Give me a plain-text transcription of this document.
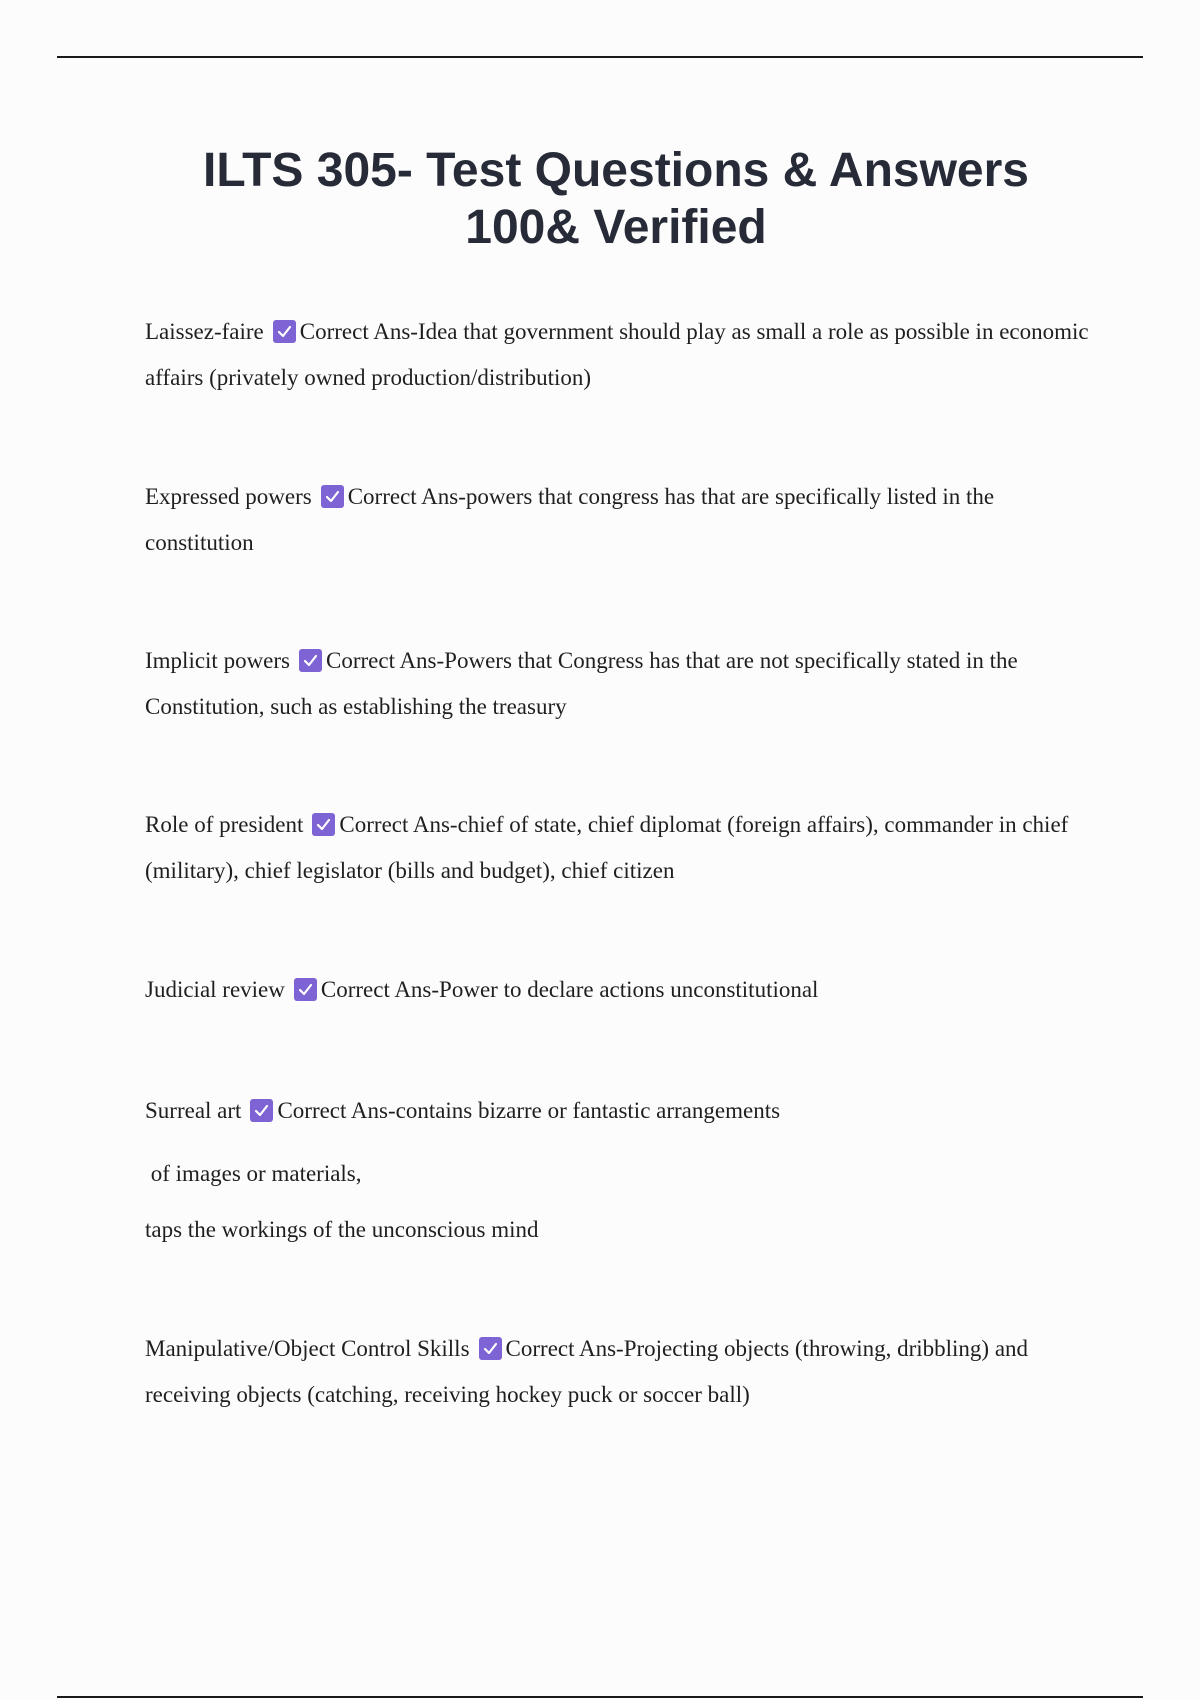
ILTS 305- Test Questions & Answers
100& Verified

Laissez-faire Correct Ans-Idea that government should play as small a role as possible in economic affairs (privately owned production/distribution)

Expressed powers Correct Ans-powers that congress has that are specifically listed in the constitution

Implicit powers Correct Ans-Powers that Congress has that are not specifically stated in the Constitution, such as establishing the treasury

Role of president Correct Ans-chief of state, chief diplomat (foreign affairs), commander in chief (military), chief legislator (bills and budget), chief citizen

Judicial review Correct Ans-Power to declare actions unconstitutional

Surreal art Correct Ans-contains bizarre or fantastic arrangements

of images or materials,

taps the workings of the unconscious mind

Manipulative/Object Control Skills Correct Ans-Projecting objects (throwing, dribbling) and receiving objects (catching, receiving hockey puck or soccer ball)
